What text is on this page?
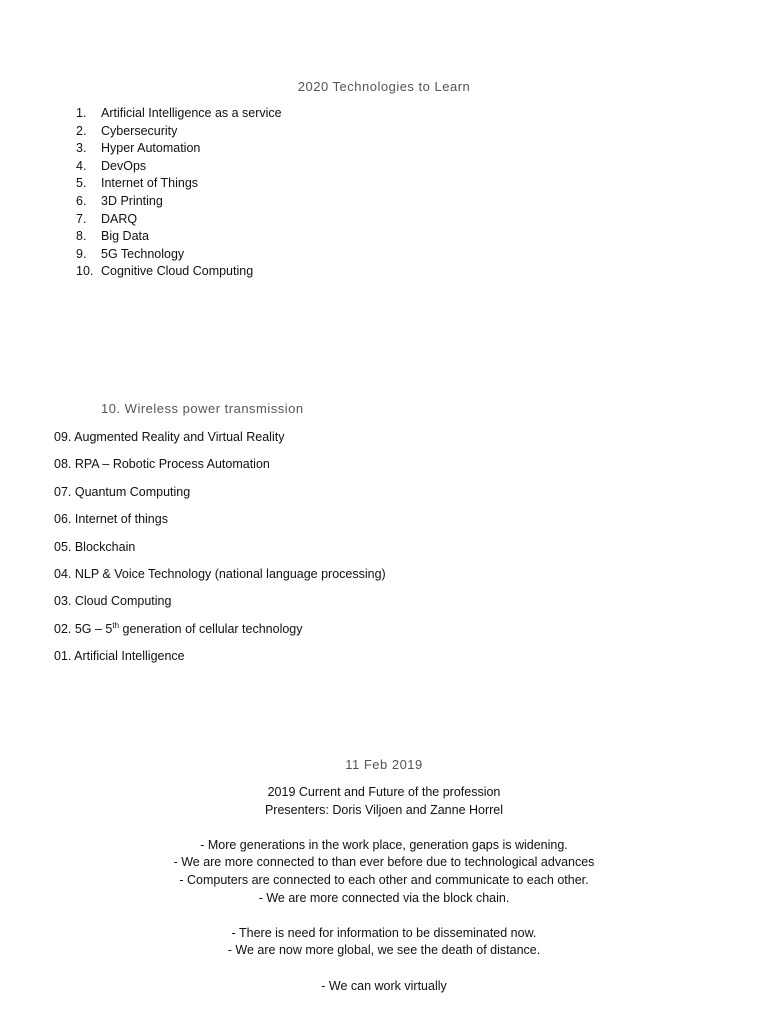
2020 Technologies to Learn
1. Artificial Intelligence as a service
2. Cybersecurity
3. Hyper Automation
4. DevOps
5. Internet of Things
6. 3D Printing
7. DARQ
8. Big Data
9. 5G Technology
10. Cognitive Cloud Computing
10. Wireless power transmission
09. Augmented Reality and Virtual Reality
08. RPA – Robotic Process Automation
07. Quantum Computing
06. Internet of things
05. Blockchain
04. NLP & Voice Technology (national language processing)
03. Cloud Computing
02. 5G – 5th generation of cellular technology
01. Artificial Intelligence
11 Feb 2019
2019 Current and Future of the profession
Presenters: Doris Viljoen and Zanne Horrel
- More generations in the work place, generation gaps is widening.
- We are more connected to than ever before due to technological advances
- Computers are connected to each other and communicate to each other.
- We are more connected via the block chain.
- There is need for information to be disseminated now.
- We are now more global, we see the death of distance.
- We can work virtually
